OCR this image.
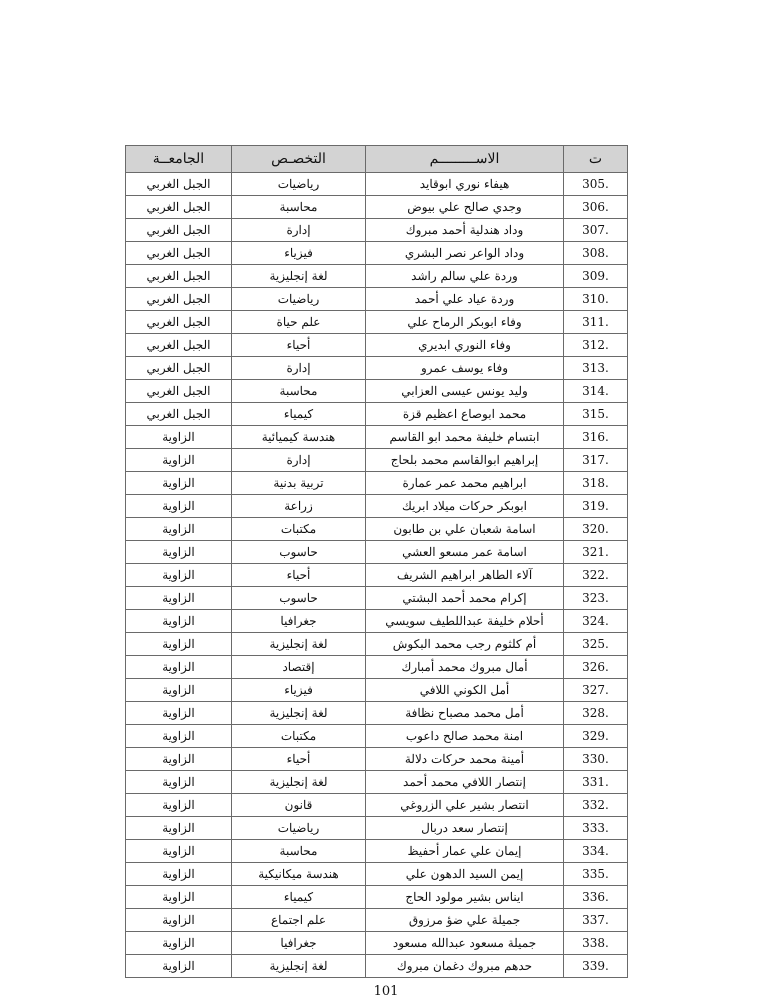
ت	الاســـــــــم	التخصـص	الجامعــة
305.	هيفاء نوري ابوقايد	رياضيات	الجبل الغربي
306.	وجدي صالح علي بيوض	محاسبة	الجبل الغربي
307.	وداد هندلية أحمد مبروك	إدارة	الجبل الغربي
308.	وداد الواعر نصر البشري	فيزياء	الجبل الغربي
309.	وردة علي سالم راشد	لغة إنجليزية	الجبل الغربي
310.	وردة عياد علي أحمد	رياضيات	الجبل الغربي
311.	وفاء ابوبكر الرماح علي	علم حياة	الجبل الغربي
312.	وفاء النوري ابديري	أحياء	الجبل الغربي
313.	وفاء يوسف عمرو	إدارة	الجبل الغربي
314.	وليد يونس عيسى العزابي	محاسبة	الجبل الغربي
315.	محمد ابوصاع اعظيم قزة	كيمياء	الجبل الغربي
316.	ابتسام خليفة محمد ابو القاسم	هندسة كيميائية	الزاوية
317.	إبراهيم ابوالقاسم محمد بلحاج	إدارة	الزاوية
318.	ابراهيم محمد عمر عمارة	تربية بدنية	الزاوية
319.	ابوبكر حركات ميلاد ابريك	زراعة	الزاوية
320.	اسامة شعبان علي بن طابون	مكتبات	الزاوية
321.	اسامة عمر مسعو العشي	حاسوب	الزاوية
322.	آلاء الطاهر ابراهيم الشريف	أحياء	الزاوية
323.	إكرام محمد أحمد البشتي	حاسوب	الزاوية
324.	أحلام خليفة عبداللطيف سويسي	جغرافيا	الزاوية
325.	أم كلثوم رجب محمد البكوش	لغة إنجليزية	الزاوية
326.	أمال مبروك محمد أمبارك	إقتصاد	الزاوية
327.	أمل الكوني اللافي	فيزياء	الزاوية
328.	أمل محمد مصباح نظافة	لغة إنجليزية	الزاوية
329.	امنة محمد صالح داعوب	مكتبات	الزاوية
330.	أمينة محمد حركات دلالة	أحياء	الزاوية
331.	إنتصار اللافي محمد أحمد	لغة إنجليزية	الزاوية
332.	انتصار بشير علي الزروغي	قانون	الزاوية
333.	إنتصار سعد دربال	رياضيات	الزاوية
334.	إيمان علي عمار أحفيظ	محاسبة	الزاوية
335.	إيمن السيد الدهون علي	هندسة ميكانيكية	الزاوية
336.	ايناس بشير مولود الحاج	كيمياء	الزاوية
337.	جميلة علي ضؤ مرزوق	علم اجتماع	الزاوية
338.	جميلة مسعود عبدالله مسعود	جغرافيا	الزاوية
339.	حدهم مبروك دغمان مبروك	لغة إنجليزية	الزاوية
101
